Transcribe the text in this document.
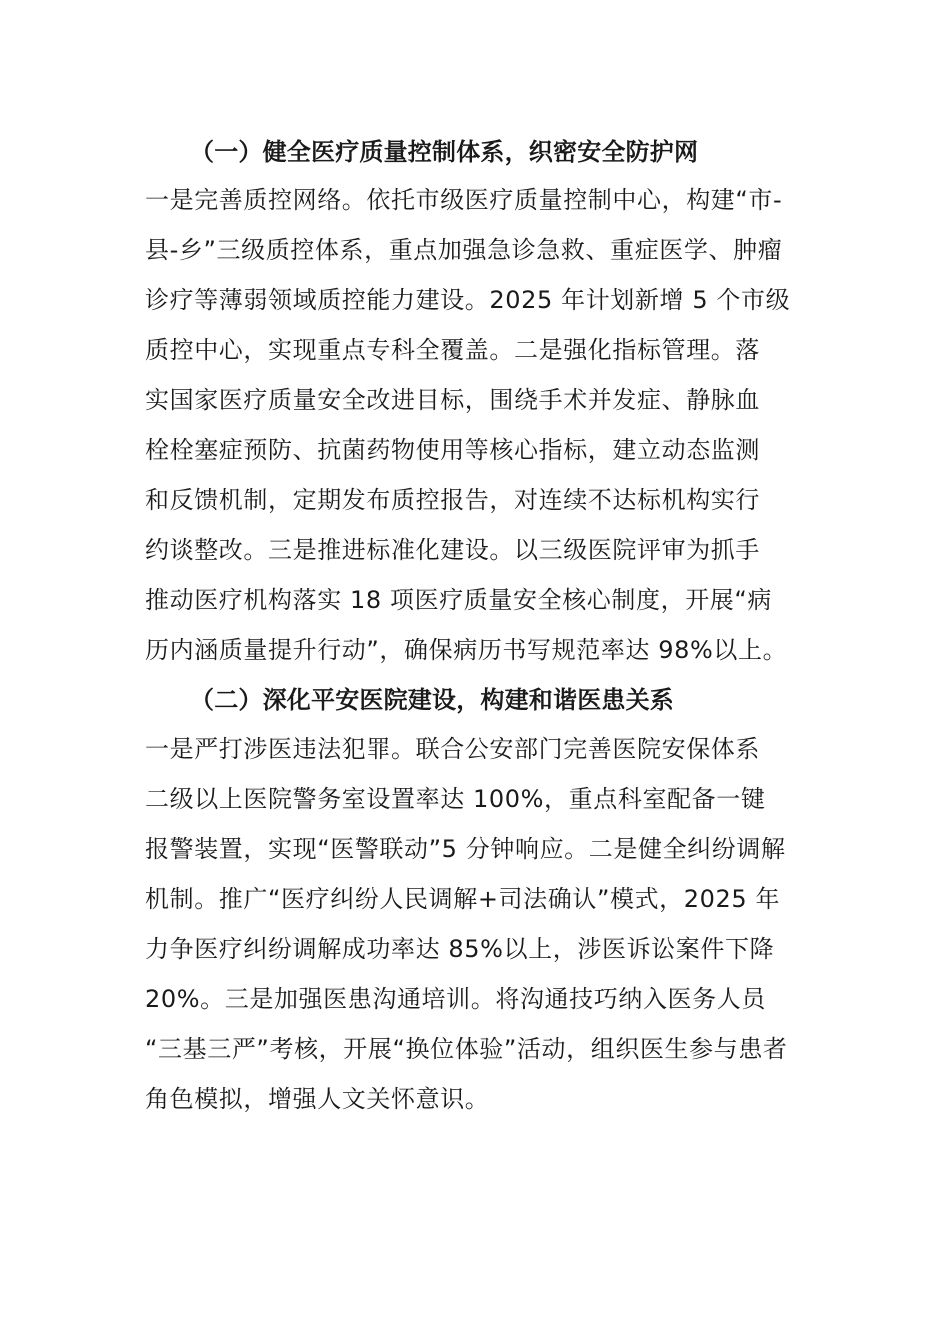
（一）健全医疗质量控制体系，织密安全防护网
一是完善质控网络。依托市级医疗质量控制中心，构建“市-
县-乡”三级质控体系，重点加强急诊急救、重症医学、肿瘤
诊疗等薄弱领域质控能力建设。2025 年计划新增 5 个市级
质控中心，实现重点专科全覆盖。二是强化指标管理。落
实国家医疗质量安全改进目标，围绕手术并发症、静脉血
栓栓塞症预防、抗菌药物使用等核心指标，建立动态监测
和反馈机制，定期发布质控报告，对连续不达标机构实行
约谈整改。三是推进标准化建设。以三级医院评审为抓手
推动医疗机构落实 18 项医疗质量安全核心制度，开展“病
历内涵质量提升行动”，确保病历书写规范率达 98%以上。
（二）深化平安医院建设，构建和谐医患关系
一是严打涉医违法犯罪。联合公安部门完善医院安保体系
二级以上医院警务室设置率达 100%，重点科室配备一键
报警装置，实现“医警联动”5 分钟响应。二是健全纠纷调解
机制。推广“医疗纠纷人民调解+司法确认”模式，2025 年
力争医疗纠纷调解成功率达 85%以上，涉医诉讼案件下降
20%。三是加强医患沟通培训。将沟通技巧纳入医务人员
“三基三严”考核，开展“换位体验”活动，组织医生参与患者
角色模拟，增强人文关怀意识。
